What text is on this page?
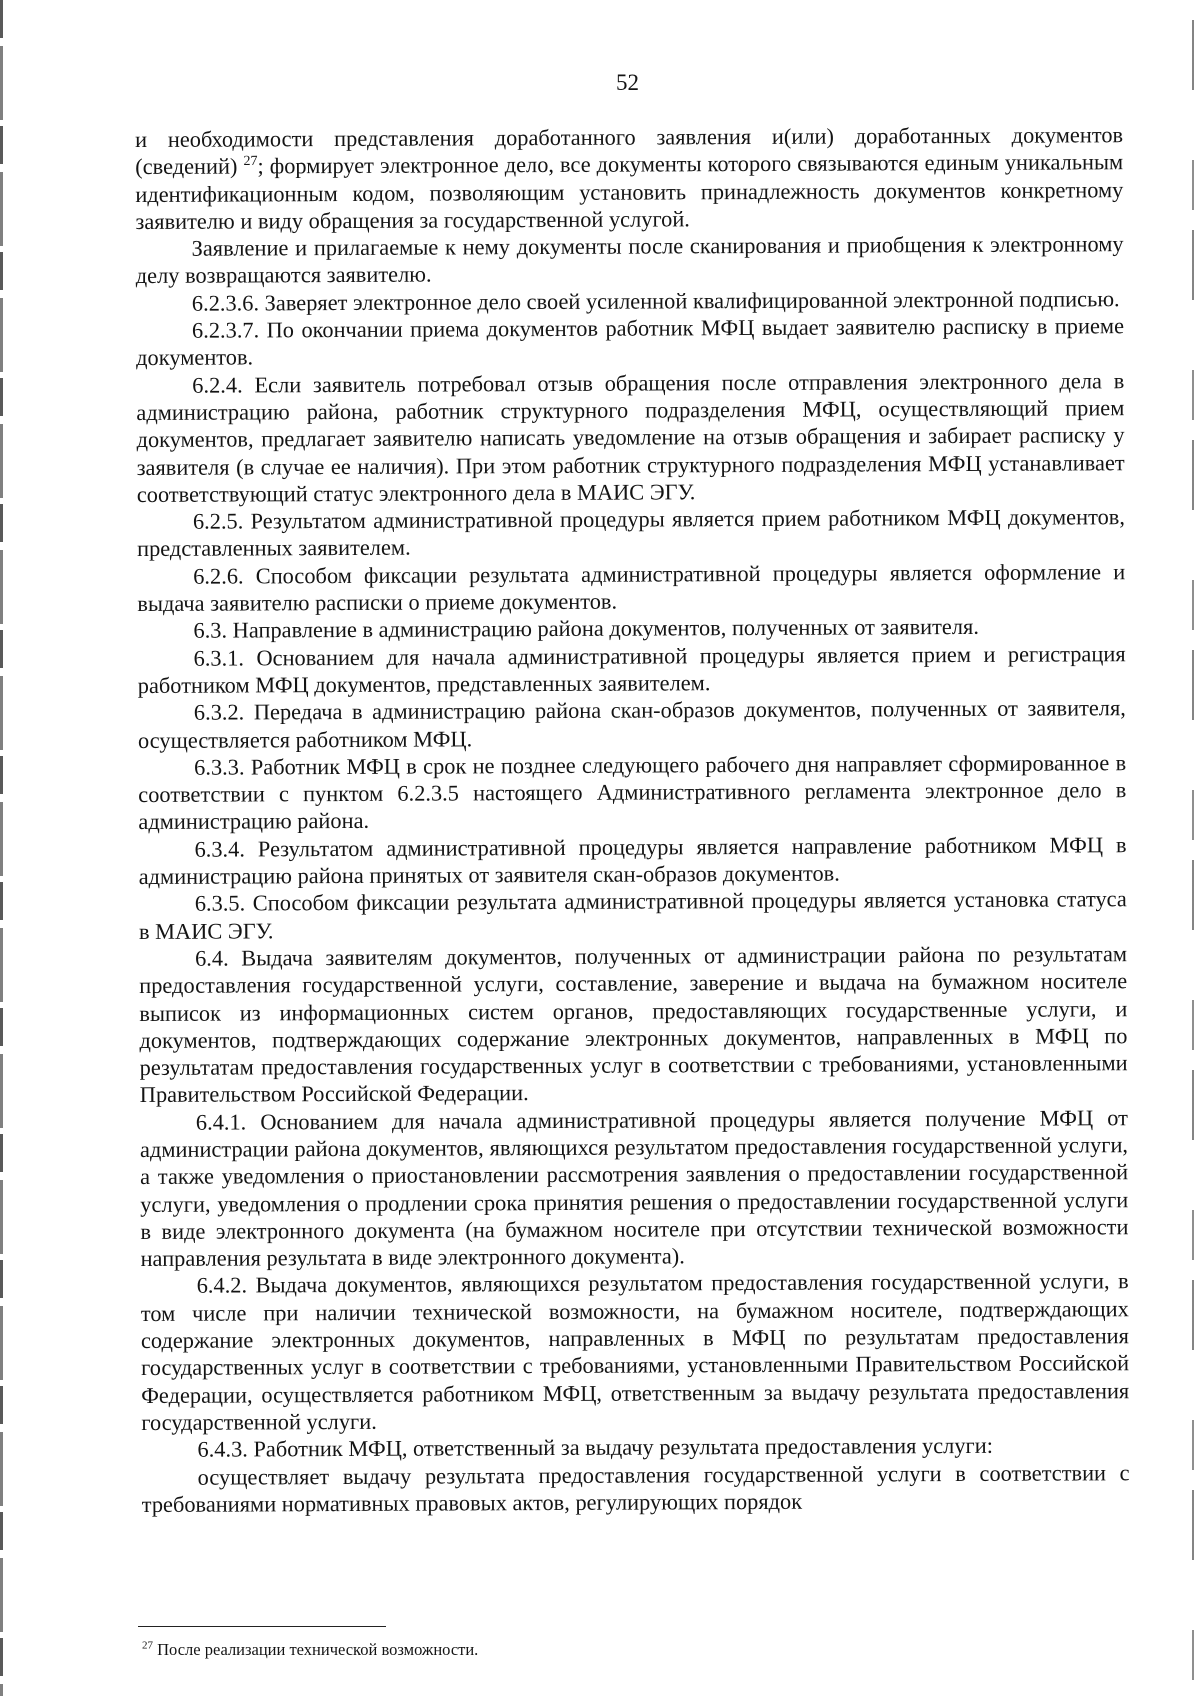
52

и необходимости представления доработанного заявления и(или) доработанных документов (сведений) $^{27}$; формирует электронное дело, все документы которого связываются единым уникальным идентификационным кодом, позволяющим установить принадлежность документов конкретному заявителю и виду обращения за государственной услугой.

Заявление и прилагаемые к нему документы после сканирования и приобщения к электронному делу возвращаются заявителю.

6.2.3.6. Заверяет электронное дело своей усиленной квалифицированной электронной подписью.

6.2.3.7. По окончании приема документов работник МФЦ выдает заявителю расписку в приеме документов.

6.2.4. Если заявитель потребовал отзыв обращения после отправления электронного дела в администрацию района, работник структурного подразделения МФЦ, осуществляющий прием документов, предлагает заявителю написать уведомление на отзыв обращения и забирает расписку у заявителя (в случае ее наличия). При этом работник структурного подразделения МФЦ устанавливает соответствующий статус электронного дела в МАИС ЭГУ.

6.2.5. Результатом административной процедуры является прием работником МФЦ документов, представленных заявителем.

6.2.6. Способом фиксации результата административной процедуры является оформление и выдача заявителю расписки о приеме документов.

6.3. Направление в администрацию района документов, полученных от заявителя.

6.3.1. Основанием для начала административной процедуры является прием и регистрация работником МФЦ документов, представленных заявителем.

6.3.2. Передача в администрацию района скан-образов документов, полученных от заявителя, осуществляется работником МФЦ.

6.3.3. Работник МФЦ в срок не позднее следующего рабочего дня направляет сформированное в соответствии с пунктом 6.2.3.5 настоящего Административного регламента электронное дело в администрацию района.

6.3.4. Результатом административной процедуры является направление работником МФЦ в администрацию района принятых от заявителя скан-образов документов.

6.3.5. Способом фиксации результата административной процедуры является установка статуса в МАИС ЭГУ.

6.4. Выдача заявителям документов, полученных от администрации района по результатам предоставления государственной услуги, составление, заверение и выдача на бумажном носителе выписок из информационных систем органов, предоставляющих государственные услуги, и документов, подтверждающих содержание электронных документов, направленных в МФЦ по результатам предоставления государственных услуг в соответствии с требованиями, установленными Правительством Российской Федерации.

6.4.1. Основанием для начала административной процедуры является получение МФЦ от администрации района документов, являющихся результатом предоставления государственной услуги, а также уведомления о приостановлении рассмотрения заявления о предоставлении государственной услуги, уведомления о продлении срока принятия решения о предоставлении государственной услуги в виде электронного документа (на бумажном носителе при отсутствии технической возможности направления результата в виде электронного документа).

6.4.2. Выдача документов, являющихся результатом предоставления государственной услуги, в том числе при наличии технической возможности, на бумажном носителе, подтверждающих содержание электронных документов, направленных в МФЦ по результатам предоставления государственных услуг в соответствии с требованиями, установленными Правительством Российской Федерации, осуществляется работником МФЦ, ответственным за выдачу результата предоставления государственной услуги.

6.4.3. Работник МФЦ, ответственный за выдачу результата предоставления услуги:

осуществляет выдачу результата предоставления государственной услуги в соответствии с требованиями нормативных правовых актов, регулирующих порядок

$^{27}$ После реализации технической возможности.
